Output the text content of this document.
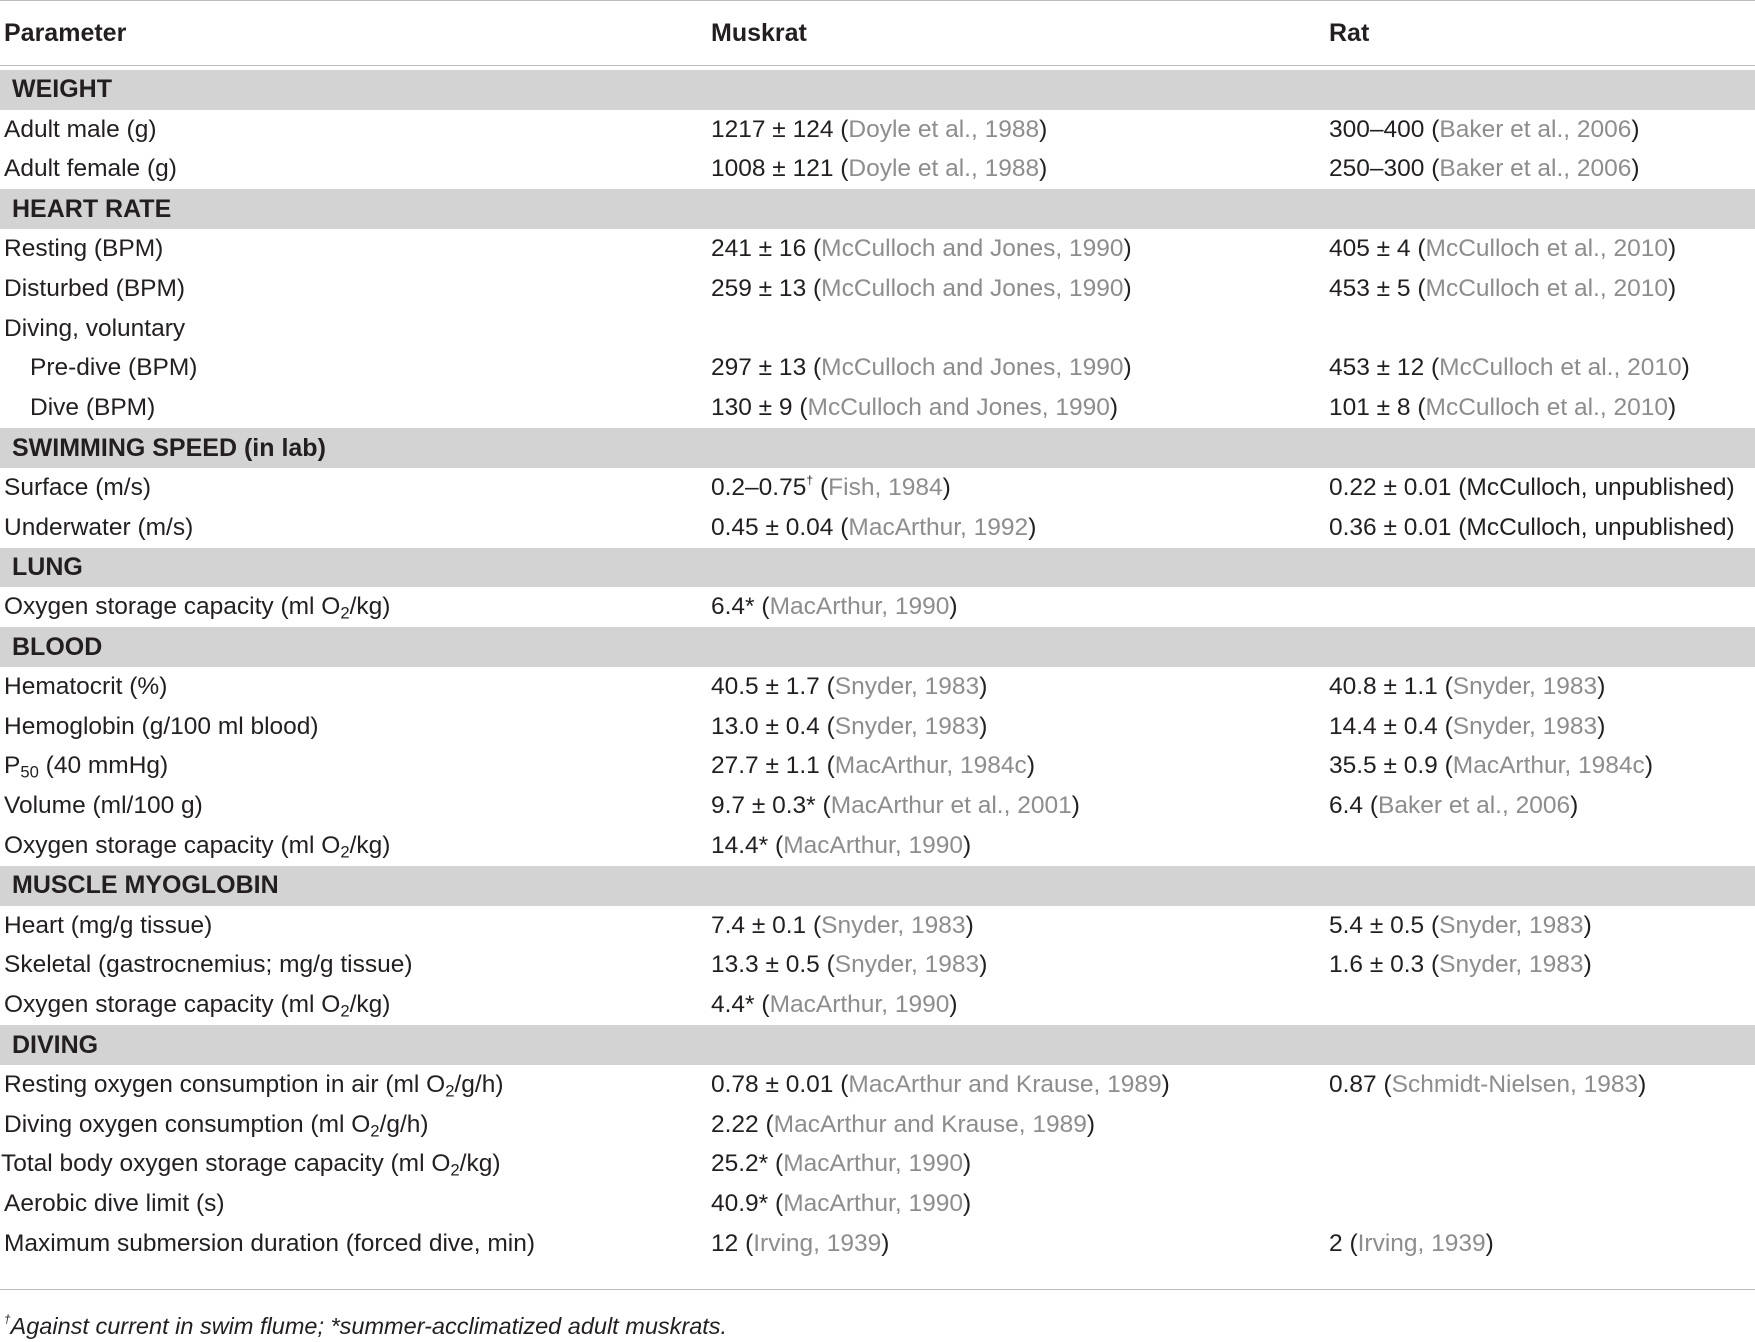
Parameter	Muskrat	Rat
WEIGHT
Adult male (g)	1217 ± 124 (Doyle et al., 1988)	300–400 (Baker et al., 2006)
Adult female (g)	1008 ± 121 (Doyle et al., 1988)	250–300 (Baker et al., 2006)
HEART RATE
Resting (BPM)	241 ± 16 (McCulloch and Jones, 1990)	405 ± 4 (McCulloch et al., 2010)
Disturbed (BPM)	259 ± 13 (McCulloch and Jones, 1990)	453 ± 5 (McCulloch et al., 2010)
Diving, voluntary
Pre-dive (BPM)	297 ± 13 (McCulloch and Jones, 1990)	453 ± 12 (McCulloch et al., 2010)
Dive (BPM)	130 ± 9 (McCulloch and Jones, 1990)	101 ± 8 (McCulloch et al., 2010)
SWIMMING SPEED (in lab)
Surface (m/s)	0.2–0.75† (Fish, 1984)	0.22 ± 0.01 (McCulloch, unpublished)
Underwater (m/s)	0.45 ± 0.04 (MacArthur, 1992)	0.36 ± 0.01 (McCulloch, unpublished)
LUNG
Oxygen storage capacity (ml $O_2/kg$)	6.4* (MacArthur, 1990)
BLOOD
Hematocrit (%)	40.5 ± 1.7 (Snyder, 1983)	40.8 ± 1.1 (Snyder, 1983)
Hemoglobin (g/100 ml blood)	13.0 ± 0.4 (Snyder, 1983)	14.4 ± 0.4 (Snyder, 1983)
$P_{50}$ (40 mmHg)	27.7 ± 1.1 (MacArthur, 1984c)	35.5 ± 0.9 (MacArthur, 1984c)
Volume (ml/100 g)	9.7 ± 0.3* (MacArthur et al., 2001)	6.4 (Baker et al., 2006)
Oxygen storage capacity (ml $O_2/kg$)	14.4* (MacArthur, 1990)
MUSCLE MYOGLOBIN
Heart (mg/g tissue)	7.4 ± 0.1 (Snyder, 1983)	5.4 ± 0.5 (Snyder, 1983)
Skeletal (gastrocnemius; mg/g tissue)	13.3 ± 0.5 (Snyder, 1983)	1.6 ± 0.3 (Snyder, 1983)
Oxygen storage capacity (ml $O_2/kg$)	4.4* (MacArthur, 1990)
DIVING
Resting oxygen consumption in air (ml $O_2/g/h$)	0.78 ± 0.01 (MacArthur and Krause, 1989)	0.87 (Schmidt-Nielsen, 1983)
Diving oxygen consumption (ml $O_2/g/h$)	2.22 (MacArthur and Krause, 1989)
Total body oxygen storage capacity (ml $O_2/kg$)	25.2* (MacArthur, 1990)
Aerobic dive limit (s)	40.9* (MacArthur, 1990)
Maximum submersion duration (forced dive, min)	12 (Irving, 1939)	2 (Irving, 1939)
†Against current in swim flume; *summer-acclimatized adult muskrats.
